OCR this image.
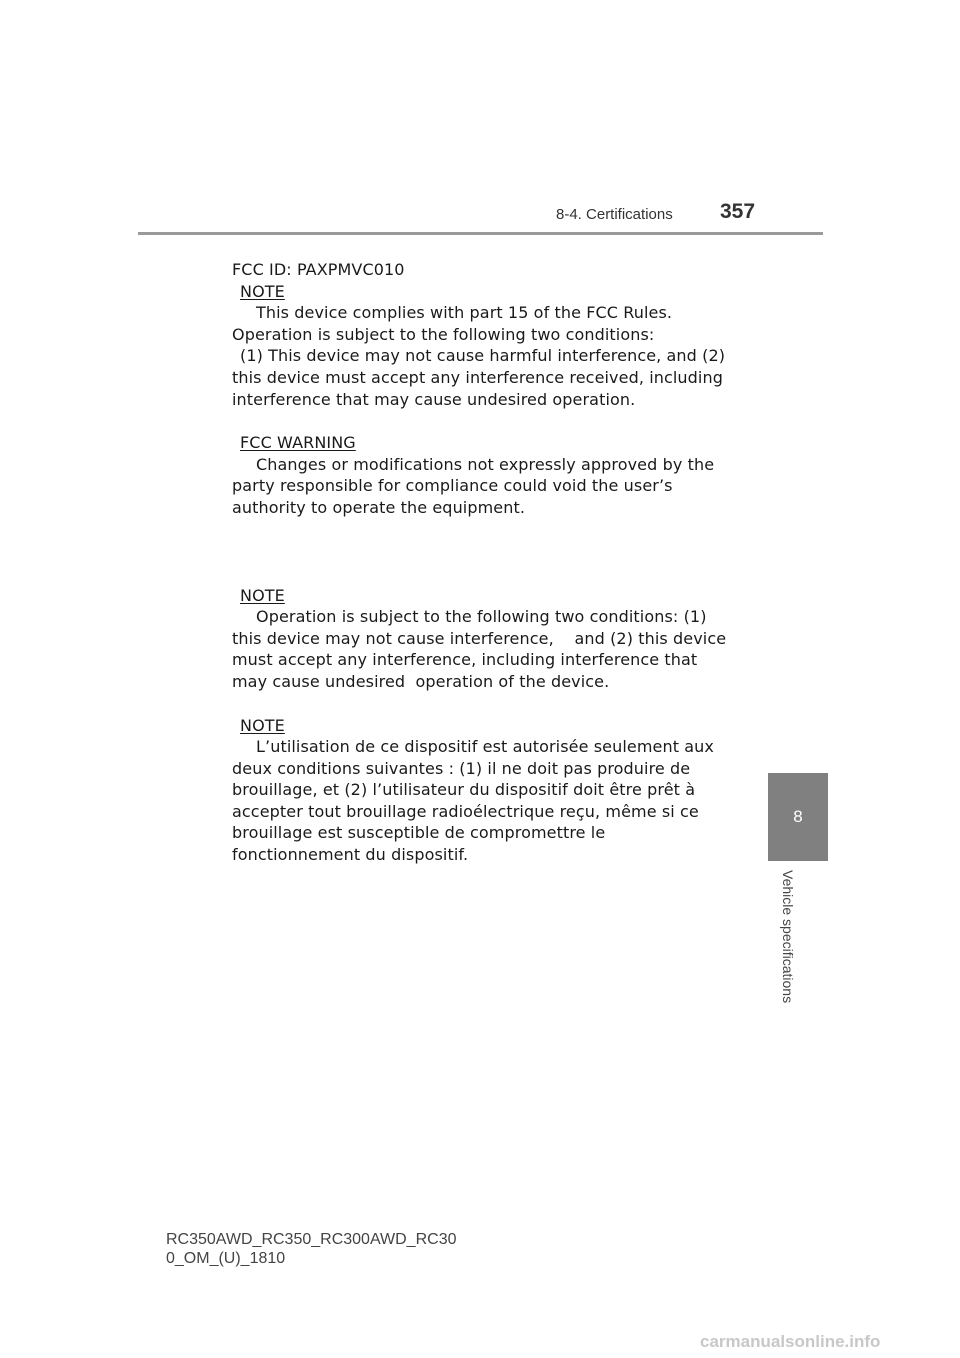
8-4. Certifications 357
8
Vehicle specifications
FCC ID: PAXPMVC010
NOTE
This device complies with part 15 of the FCC Rules.
Operation is subject to the following two conditions:
(1) This device may not cause harmful interference, and (2)
this device must accept any interference received, including
interference that may cause undesired operation.
FCC WARNING
Changes or modifications not expressly approved by the
party responsible for compliance could void the user’s
authority to operate the equipment.
NOTE
Operation is subject to the following two conditions: (1)
this device may not cause interference,    and (2) this device
must accept any interference, including interference that
may cause undesired  operation of the device.
NOTE
L’utilisation de ce dispositif est autorisée seulement aux
deux conditions suivantes : (1) il ne doit pas produire de
brouillage, et (2) l’utilisateur du dispositif doit être prêt à
accepter tout brouillage radioélectrique reçu, même si ce
brouillage est susceptible de compromettre le
fonctionnement du dispositif.
RC350AWD_RC350_RC300AWD_RC30
0_OM_(U)_1810
carmanualsonline.info
